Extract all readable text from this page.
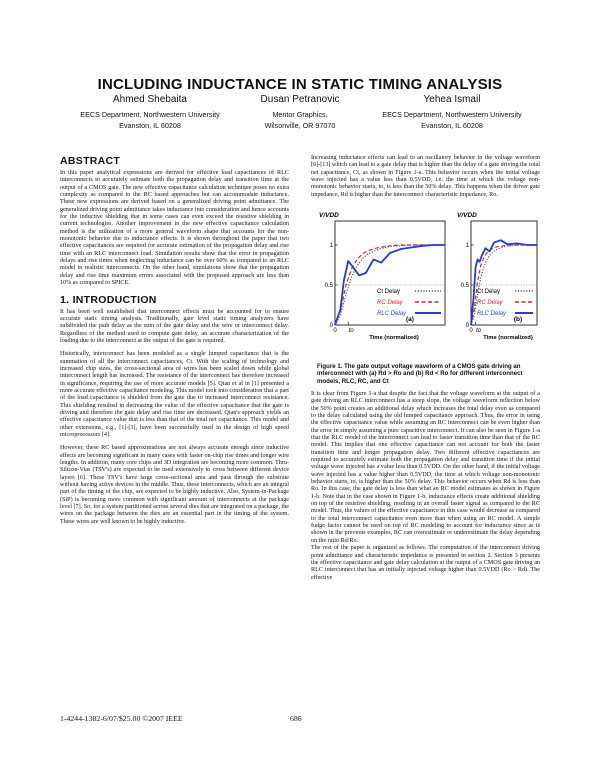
INCLUDING INDUCTANCE IN STATIC TIMING ANALYSIS
Ahmed Shebaita
EECS Department, Northwestern University
Evanston, IL 60208
Dusan Petranovic
Mentor Graphics,
Wilsonville, OR 97070
Yehea Ismail
EECS Department, Northwestern University
Evanston, IL 60208
ABSTRACT

In this paper analytical expressions are derived for effective load capacitances of RLC interconnects to accurately estimate both the propagation delay and transition time at the output of a CMOS gate. The new effective capacitance calculation technique poses no extra complexity as compared to the RC based approaches but can accommodate inductance. These new expressions are derived based on a generalized driving point admittance. The generalized driving point admittance takes inductance into consideration and hence accounts for the inductive shielding that in some cases can even exceed the resistive shielding in current technologies. Another improvement in the new effective capacitance calculation method is the utilization of a more general waveform shape that accounts for the non-monotonic behavior due to inductance effects. It is shown throughout the paper that two effective capacitances are required for accurate estimation of the propagation delay and rise time with an RLC interconnect load. Simulation results show that the error in propagation delays and rise times when neglecting inductance can be over 60% as compared to an RLC model in realistic interconnects. On the other hand, simulations show that the propagation delay and rise time maximum errors associated with the proposed approach are less than 10% as compared to SPICE.

1. INTRODUCTION

It has been well established that interconnect effects must be accounted for to ensure accurate static timing analysis. Traditionally, gate level static timing analyzers have subdivided the path delay as the sum of the gate delay and the wire or interconnect delay. Regardless of the method used to compute gate delay, an accurate characterization of the loading due to the interconnect at the output of the gate is required.

Historically, interconnect has been modeled as a single lumped capacitance that is the summation of all the interconnect capacitances, Ct. With the scaling of technology and increased chip sizes, the cross-sectional area of wires has been scaled down while global interconnect length has increased. The resistance of the interconnect has therefore increased in significance, requiring the use of more accurate models [5]. Qian et al in [1] presented a more accurate effective capacitance modeling. This model took into consideration that a part of the load capacitance is shielded from the gate due to increased interconnect resistance. This shielding resulted in decreasing the value of the effective capacitance that the gate is driving and therefore the gate delay and rise time are decreased. Qian's approach yields an effective capacitance value that is less than that of the total net capacitance. This model and other extensions, e.g., [1]-[3], have been successfully used in the design of high speed microprocessors [4].

However, these RC based approximations are not always accurate enough since inductive effects are becoming significant in many cases with faster on-chip rise times and longer wire lengths. In addition, many core chips and 3D integration are becoming more common. Thru-Silicon-Vias (TSV's) are expected to be used extensively to cross between different device layers [6]. These TSV's have large cross-sectional area and pass through the substrate without having active devices in the middle. Thus, these interconnects, which are an integral part of the timing of the chip, are expected to be highly inductive. Also, System-in-Package (SiP) is becoming more common with significant amount of interconnects at the package level [7]. So, for a system partitioned across several dies that are integrated on a package, the wires on the package between the dies are an essential part in the timing of the system. These wires are well known to be highly inductive.

Increasing inductance effects can lead to an oscillatory behavior in the voltage waveform [9]-[13] which can lead to a gate delay that is higher than the delay of a gate driving the total net capacitance, Ct, as shown in Figure 1-a. This behavior occurs when the initial voltage wave injected has a value less than 0.5VDD, i.e. the time at which the voltage non-monotonic behavior starts, to, is less than the 50% delay. This happens when the driver gate impedance, Rd is higher than the interconnect characteristic impedance, Ro.

0
0.5
1
V/VDD
0 to
Time (normalized)
Ct Delay
RC Delay
RLC Delay
(a)
0
0.5
1
V/VDD
0 to
Time (normalized)
Ct Delay
RC Delay
RLC Delay
(b)
Figure 1. The gate output voltage waveform of a CMOS gate driving an interconnect with (a) Rd > Ro and (b) Rd < Ro for different interconnect models, RLC, RC, and Ct

It is clear from Figure 1-a that despite the fact that the voltage waveform at the output of a gate driving an RLC interconnect has a steep slope, the voltage waveform reflection below the 50% point creates an additional delay which increases the total delay even as compared to the delay calculated using the old lumped capacitance approach. Thus, the error in using the effective capacitance value while assuming an RC interconnect can be even higher than the error in simply assuming a pure capacitive interconnect. It can also be seen in Figure 1-a that the RLC model of the interconnect can lead to faster transition time than that of the RC model. This implies that one effective capacitance can not account for both the faster transition time and longer propagation delay. Two different effective capacitances are required to accurately estimate both the propagation delay and transition time if the initial voltage wave injected has a value less than 0.5VDD. On the other hand, if the initial voltage wave injected has a value higher than 0.5VDD, the time at which voltage non-monotonic behavior starts, to, is higher than the 50% delay. This behavior occurs when Rd is less than Ro. In this case, the gate delay is less than what an RC model estimates as shown in Figure 1-b. Note that in the case shown in Figure 1-b, inductance effects create additional shielding on top of the resistive shielding, resulting in an overall faster signal as compared to the RC model. Thus, the values of the effective capacitance in this case would decrease as compared to the total interconnect capacitance even more than when using an RC model. A simple fudge factor cannot be used on top of RC modeling to account for inductance since as is shown in the previous examples, RC can overestimate or underestimate the delay depending on the ratio Rd/Ro.

The rest of the paper is organized as follows. The computation of the interconnect driving point admittance and characteristic impedance is presented in section 2. Section 3 presents the effective capacitance and gate delay calculation at the output of a CMOS gate driving an RLC interconnect that has an initially injected voltage higher than 0.5VDD (Ro > Rd). The effective

1-4244-1382-6/07/$25.00 ©2007 IEEE	686
